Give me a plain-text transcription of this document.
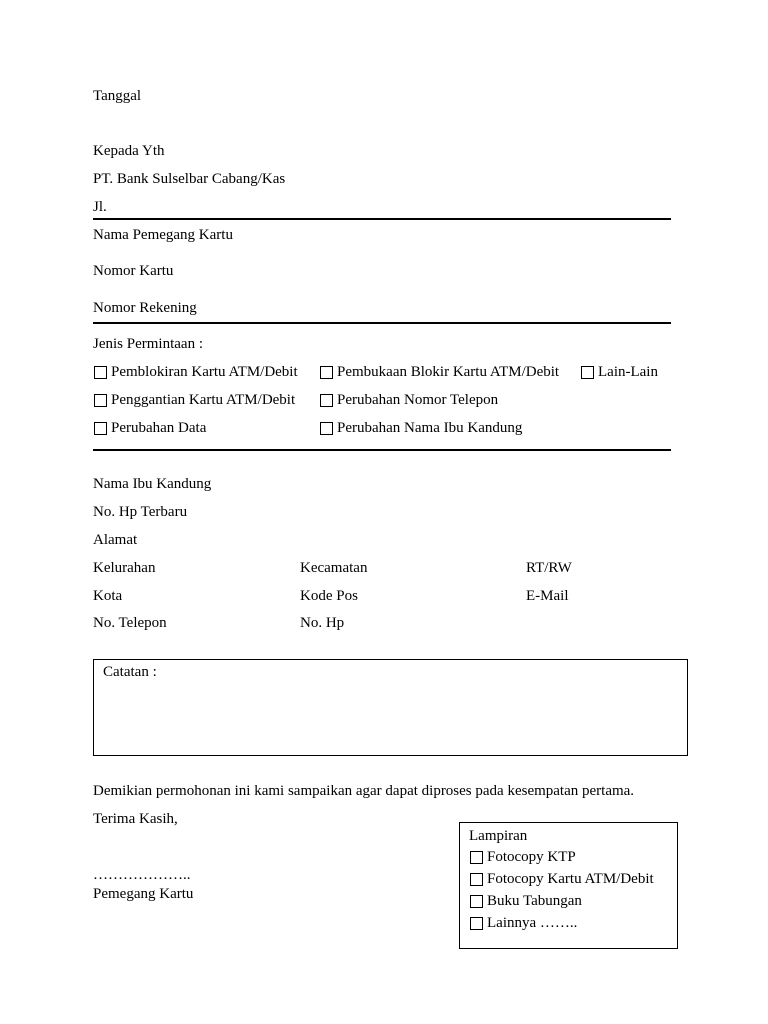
Tanggal
Kepada Yth
PT. Bank Sulselbar Cabang/Kas
Jl.
Nama Pemegang Kartu
Nomor Kartu
Nomor Rekening
Jenis Permintaan :
Pemblokiran Kartu ATM/Debit	Pembukaan Blokir Kartu ATM/Debit	Lain-Lain
Penggantian Kartu ATM/Debit	Perubahan Nomor Telepon
Perubahan Data	Perubahan Nama Ibu Kandung
Nama Ibu Kandung
No. Hp Terbaru
Alamat
Kelurahan	Kecamatan	RT/RW
Kota	Kode Pos	E-Mail
No. Telepon	No. Hp
Catatan :
Demikian permohonan ini kami sampaikan agar dapat diproses pada kesempatan pertama.
Terima Kasih,
………………..
Pemegang Kartu
Lampiran
Fotocopy KTP
Fotocopy Kartu ATM/Debit
Buku Tabungan
Lainnya ……..
